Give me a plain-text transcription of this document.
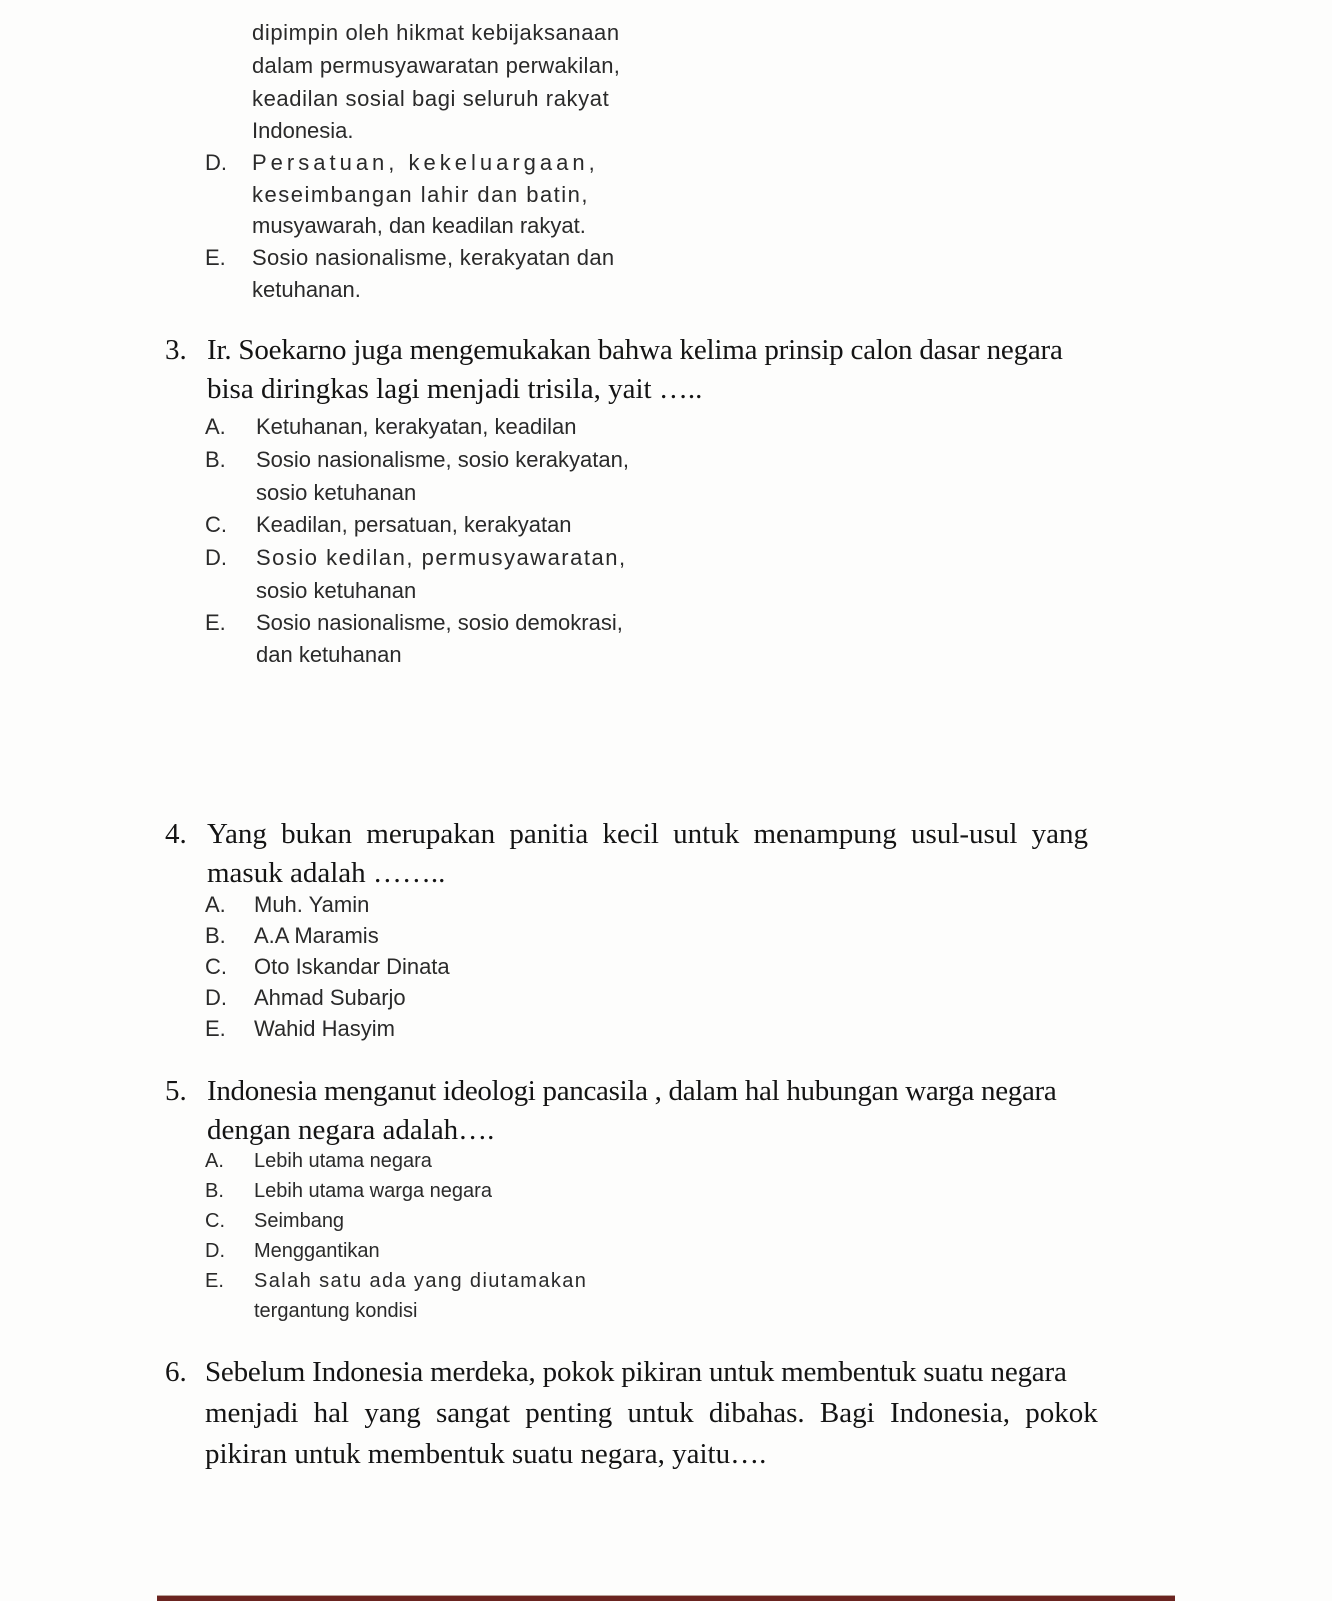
dipimpin oleh hikmat kebijaksanaan
dalam permusyawaratan perwakilan,
keadilan sosial bagi seluruh rakyat
Indonesia.
D. Persatuan, kekeluargaan,
keseimbangan lahir dan batin,
musyawarah, dan keadilan rakyat.
E. Sosio nasionalisme, kerakyatan dan
ketuhanan.
3. Ir. Soekarno juga mengemukakan bahwa kelima prinsip calon dasar negara
bisa diringkas lagi menjadi trisila, yait …..
A. Ketuhanan, kerakyatan, keadilan
B. Sosio nasionalisme, sosio kerakyatan,
sosio ketuhanan
C. Keadilan, persatuan, kerakyatan
D. Sosio kedilan, permusyawaratan,
sosio ketuhanan
E. Sosio nasionalisme, sosio demokrasi,
dan ketuhanan
4. Yang bukan merupakan panitia kecil untuk menampung usul-usul yang
masuk adalah ……..
A. Muh. Yamin
B. A.A Maramis
C. Oto Iskandar Dinata
D. Ahmad Subarjo
E. Wahid Hasyim
5. Indonesia menganut ideologi pancasila , dalam hal hubungan warga negara
dengan negara adalah….
A. Lebih utama negara
B. Lebih utama warga negara
C. Seimbang
D. Menggantikan
E. Salah satu ada yang diutamakan
tergantung kondisi
6. Sebelum Indonesia merdeka, pokok pikiran untuk membentuk suatu negara
menjadi hal yang sangat penting untuk dibahas. Bagi Indonesia, pokok
pikiran untuk membentuk suatu negara, yaitu….
